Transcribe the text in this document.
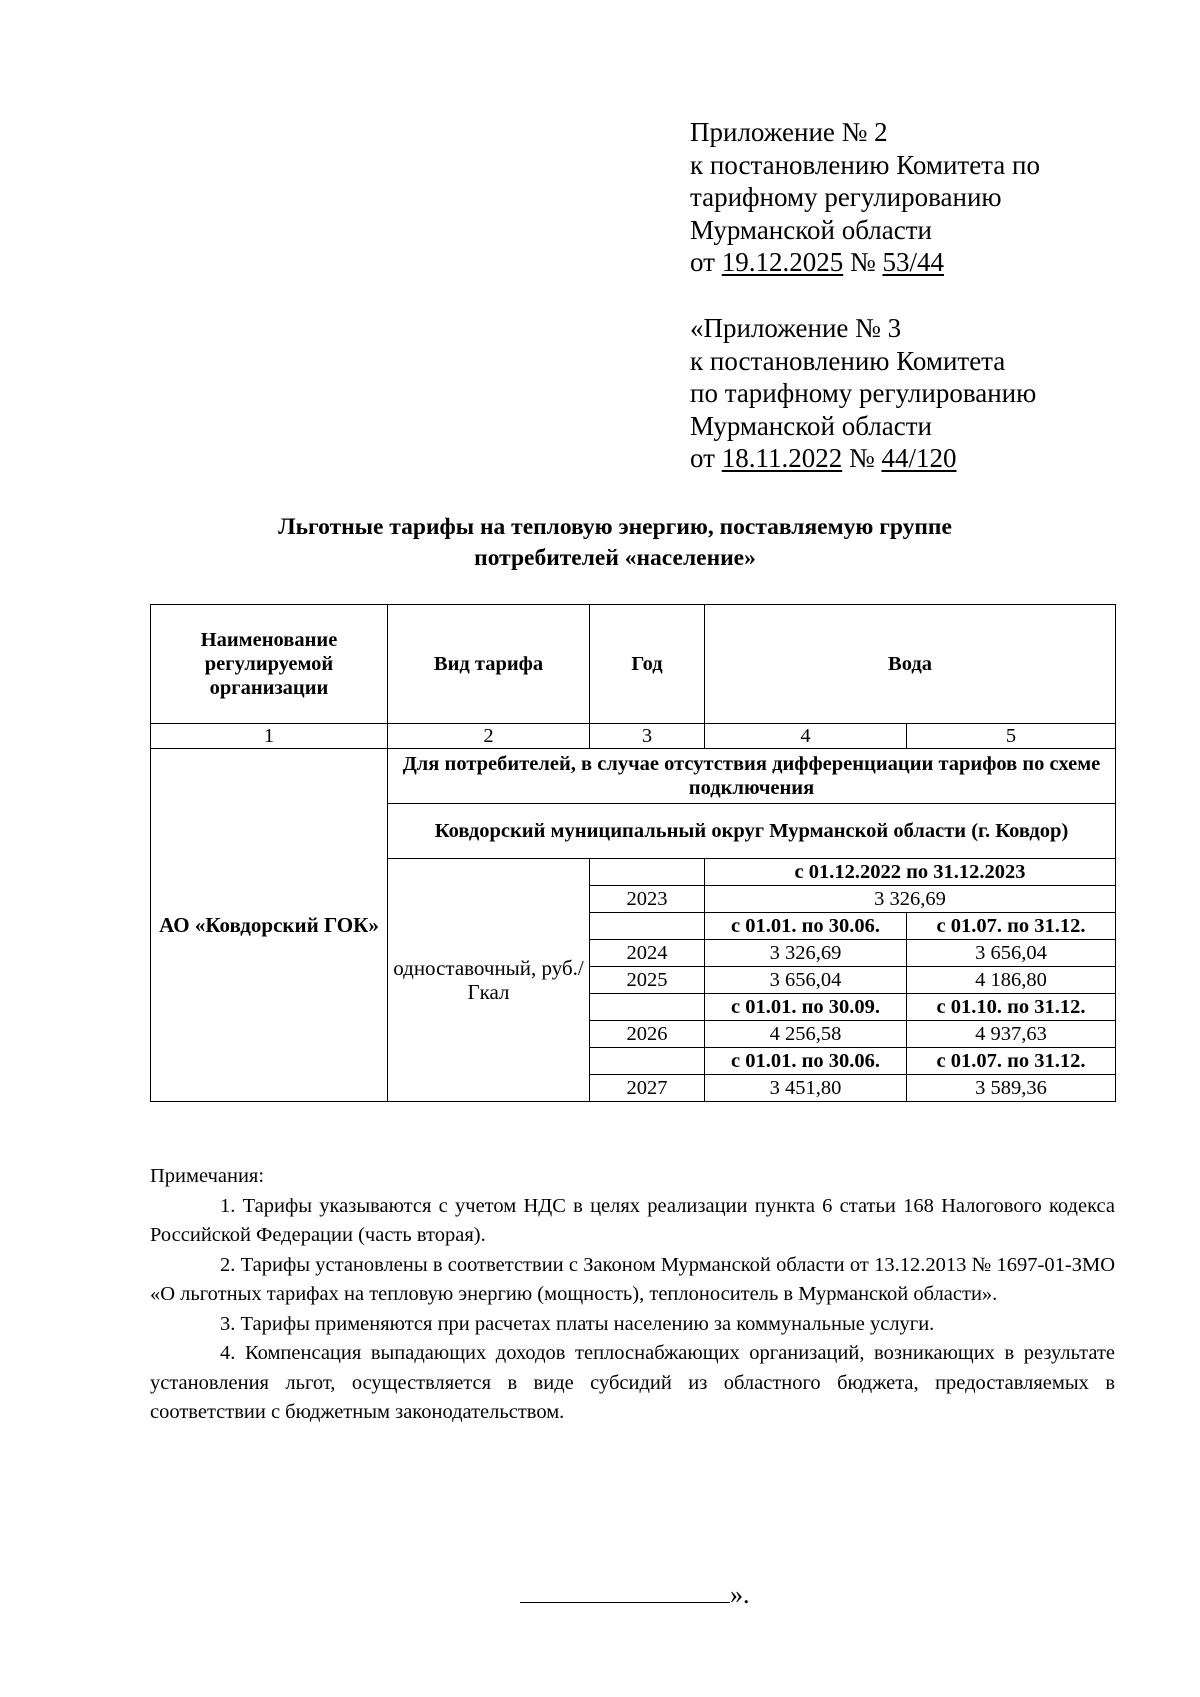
Приложение № 2
к постановлению Комитета по
тарифному регулированию
Мурманской области
от 19.12.2025 № 53/44
«Приложение № 3
к постановлению Комитета
по тарифному регулированию
Мурманской области
от 18.11.2022 № 44/120
Льготные тарифы на тепловую энергию, поставляемую группе
потребителей «население»
Наименование регулируемой организации	Вид тарифа	Год	Вода	
1	2	3	4	5
АО «Ковдорский ГОК»	Для потребителей, в случае отсутствия дифференциации тарифов по схеме подключения			
	Ковдорский муниципальный округ Мурманской области (г. Ковдор)			
	одноставочный, руб./Гкал		с 01.12.2022 по 31.12.2023	
		2023	3 326,69	
			с 01.01. по 30.06.	с 01.07. по 31.12.
		2024	3 326,69	3 656,04
		2025	3 656,04	4 186,80
			с 01.01. по 30.09.	с 01.10. по 31.12.
		2026	4 256,58	4 937,63
			с 01.01. по 30.06.	с 01.07. по 31.12.
		2027	3 451,80	3 589,36

Примечания:

1. Тарифы указываются с учетом НДС в целях реализации пункта 6 статьи 168 Налогового кодекса Российской Федерации (часть вторая).

2. Тарифы установлены в соответствии с Законом Мурманской области от 13.12.2013 № 1697-01-ЗМО «О льготных тарифах на тепловую энергию (мощность), теплоноситель в Мурманской области».

3. Тарифы применяются при расчетах платы населению за коммунальные услуги.

4. Компенсация выпадающих доходов теплоснабжающих организаций, возникающих в результате установления льгот, осуществляется в виде субсидий из областного бюджета, предоставляемых в соответствии с бюджетным законодательством.

».
